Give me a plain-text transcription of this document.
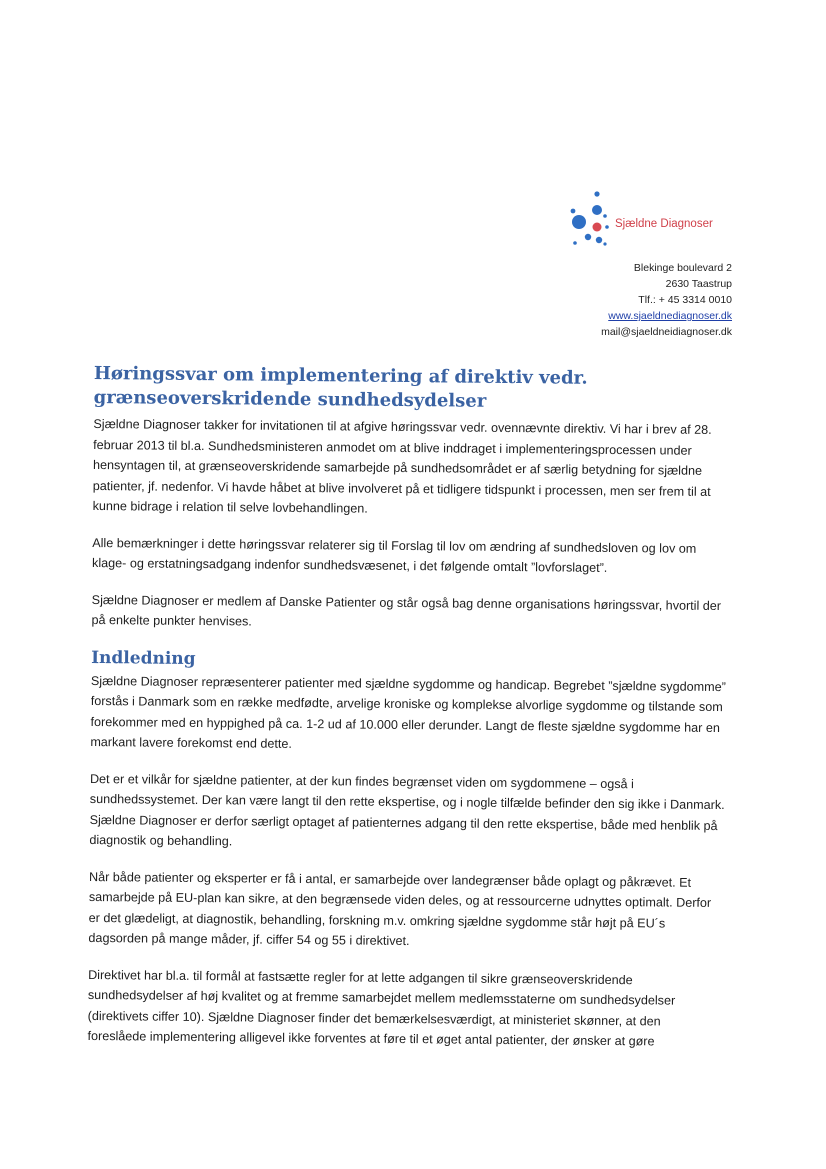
Sjældne Diagnoser
Blekinge boulevard 2
2630 Taastrup
Tlf.: + 45 3314 0010
www.sjaeldnediagnoser.dk
mail@sjaeldneidiagnoser.dk
Høringssvar om implementering af direktiv vedr. grænseoverskridende sundhedsydelser

Sjældne Diagnoser takker for invitationen til at afgive høringssvar vedr. ovennævnte direktiv. Vi har i brev af 28. februar 2013 til bl.a. Sundhedsministeren anmodet om at blive inddraget i implementeringsprocessen under hensyntagen til, at grænseoverskridende samarbejde på sundhedsområdet er af særlig betydning for sjældne patienter, jf. nedenfor. Vi havde håbet at blive involveret på et tidligere tidspunkt i processen, men ser frem til at kunne bidrage i relation til selve lovbehandlingen.

Alle bemærkninger i dette høringssvar relaterer sig til Forslag til lov om ændring af sundhedsloven og lov om klage- og erstatningsadgang indenfor sundhedsvæsenet, i det følgende omtalt ”lovforslaget”.

Sjældne Diagnoser er medlem af Danske Patienter og står også bag denne organisations høringssvar, hvortil der på enkelte punkter henvises.

Indledning

Sjældne Diagnoser repræsenterer patienter med sjældne sygdomme og handicap. Begrebet ”sjældne sygdomme” forstås i Danmark som en række medfødte, arvelige kroniske og komplekse alvorlige sygdomme og tilstande som forekommer med en hyppighed på ca. 1-2 ud af 10.000 eller derunder. Langt de fleste sjældne sygdomme har en markant lavere forekomst end dette.

Det er et vilkår for sjældne patienter, at der kun findes begrænset viden om sygdommene – også i sundhedssystemet. Der kan være langt til den rette ekspertise, og i nogle tilfælde befinder den sig ikke i Danmark. Sjældne Diagnoser er derfor særligt optaget af patienternes adgang til den rette ekspertise, både med henblik på diagnostik og behandling.

Når både patienter og eksperter er få i antal, er samarbejde over landegrænser både oplagt og påkrævet. Et samarbejde på EU-plan kan sikre, at den begrænsede viden deles, og at ressourcerne udnyttes optimalt. Derfor er det glædeligt, at diagnostik, behandling, forskning m.v. omkring sjældne sygdomme står højt på EU´s dagsorden på mange måder, jf. ciffer 54 og 55 i direktivet.

Direktivet har bl.a. til formål at fastsætte regler for at lette adgangen til sikre grænseoverskridende sundhedsydelser af høj kvalitet og at fremme samarbejdet mellem medlemsstaterne om sundhedsydelser (direktivets ciffer 10). Sjældne Diagnoser finder det bemærkelsesværdigt, at ministeriet skønner, at den foreslåede implementering alligevel ikke forventes at føre til et øget antal patienter, der ønsker at gøre
